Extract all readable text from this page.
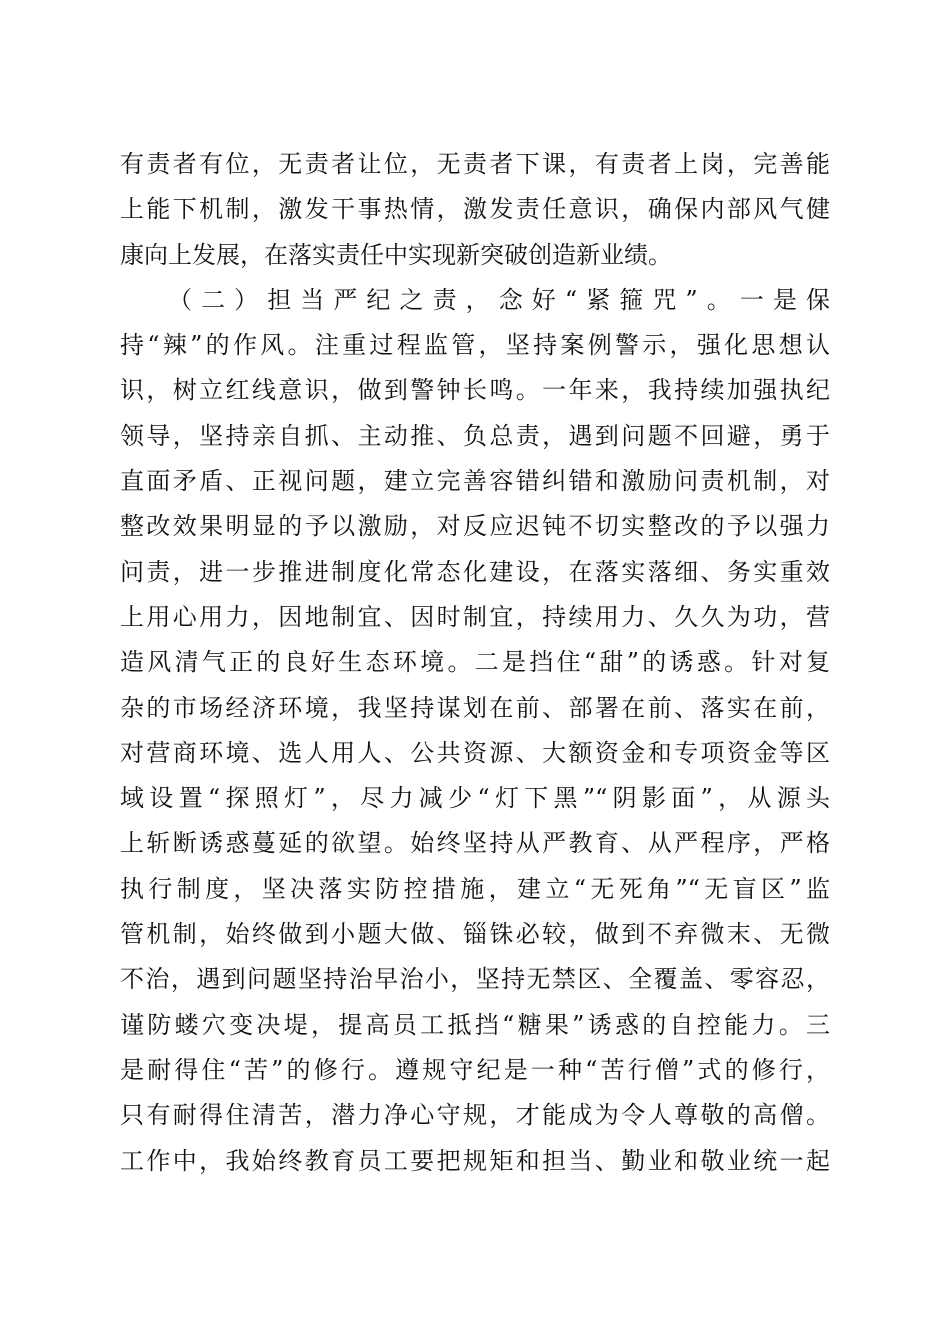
有责者有位，无责者让位，无责者下课，有责者上岗，完善能
上能下机制，激发干事热情，激发责任意识，确保内部风气健
康向上发展，在落实责任中实现新突破创造新业绩。
（二）担当严纪之责，念好“紧箍咒”。一是保
持“辣”的作风。注重过程监管，坚持案例警示，强化思想认
识，树立红线意识，做到警钟长鸣。一年来，我持续加强执纪
领导，坚持亲自抓、主动推、负总责，遇到问题不回避，勇于
直面矛盾、正视问题，建立完善容错纠错和激励问责机制，对
整改效果明显的予以激励，对反应迟钝不切实整改的予以强力
问责，进一步推进制度化常态化建设，在落实落细、务实重效
上用心用力，因地制宜、因时制宜，持续用力、久久为功，营
造风清气正的良好生态环境。二是挡住“甜”的诱惑。针对复
杂的市场经济环境，我坚持谋划在前、部署在前、落实在前，
对营商环境、选人用人、公共资源、大额资金和专项资金等区
域设置“探照灯”，尽力减少“灯下黑”“阴影面”，从源头
上斩断诱惑蔓延的欲望。始终坚持从严教育、从严程序，严格
执行制度，坚决落实防控措施，建立“无死角”“无盲区”监
管机制，始终做到小题大做、锱铢必较，做到不弃微末、无微
不治，遇到问题坚持治早治小，坚持无禁区、全覆盖、零容忍，
谨防蝼穴变决堤，提高员工抵挡“糖果”诱惑的自控能力。三
是耐得住“苦”的修行。遵规守纪是一种“苦行僧”式的修行，
只有耐得住清苦，潜力净心守规，才能成为令人尊敬的高僧。
工作中，我始终教育员工要把规矩和担当、勤业和敬业统一起
